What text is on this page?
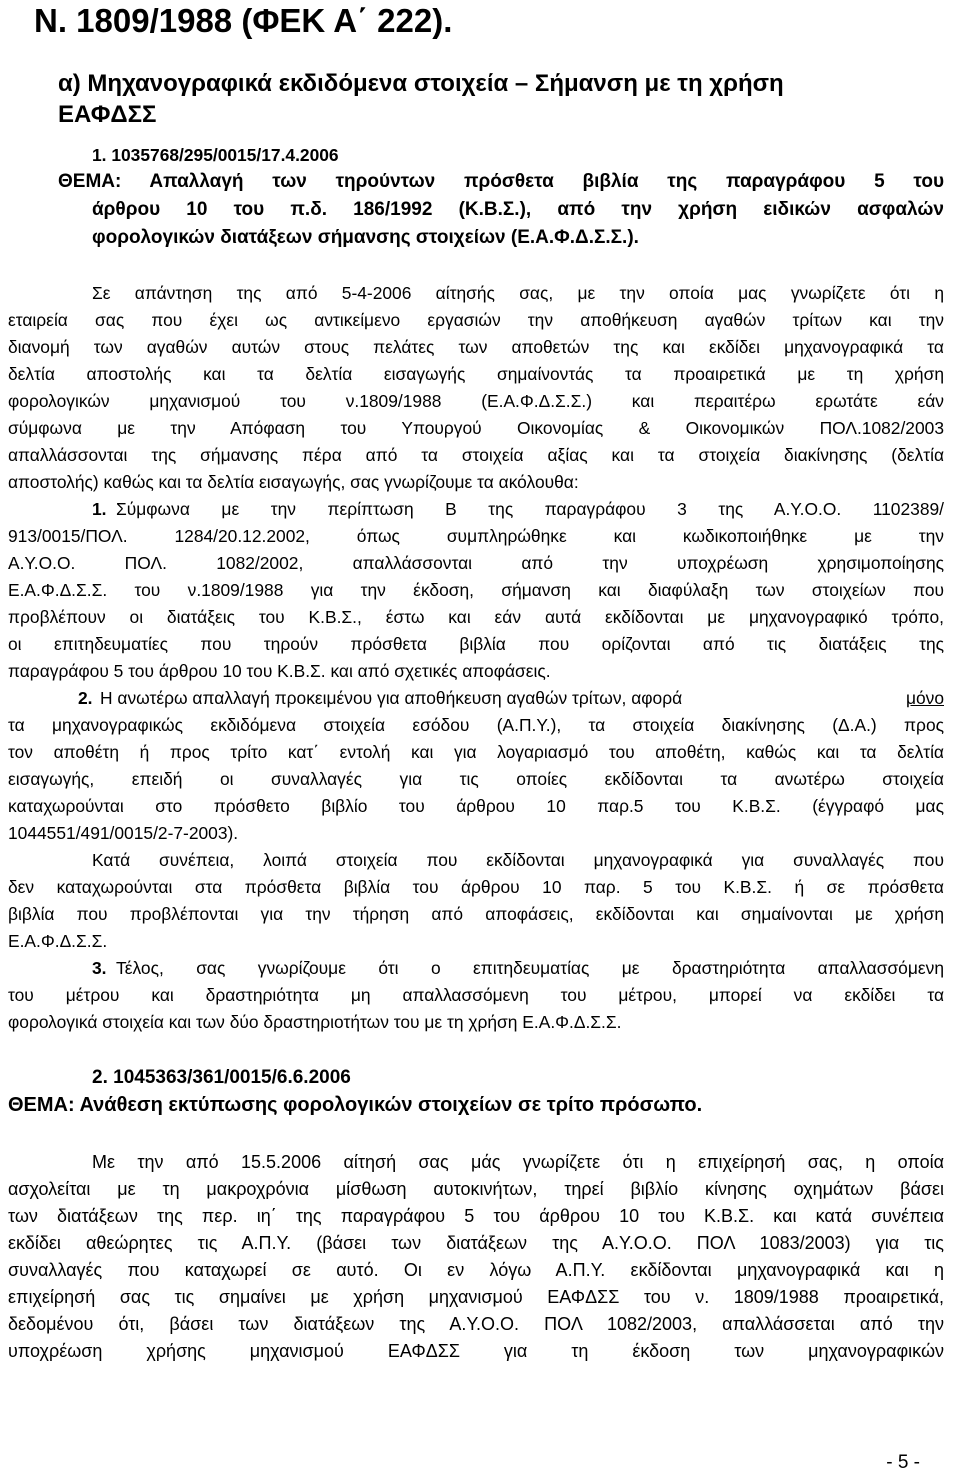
Ν. 1809/1988 (ΦΕΚ Α΄ 222).
α) Μηχανογραφικά εκδιδόμενα στοιχεία – Σήμανση με τη χρήση
ΕΑΦΔΣΣ
1. 1035768/295/0015/17.4.2006
ΘΕΜΑ: Απαλλαγή των τηρούντων πρόσθετα βιβλία της παραγράφου 5 του
άρθρου 10 του π.δ. 186/1992 (Κ.Β.Σ.), από την χρήση ειδικών ασφαλών
φορολογικών διατάξεων σήμανσης στοιχείων (Ε.Α.Φ.Δ.Σ.Σ.).
Σε απάντηση της από 5-4-2006 αίτησής σας, με την οποία μας γνωρίζετε ότι η
εταιρεία σας που έχει ως αντικείμενο εργασιών την αποθήκευση αγαθών τρίτων και την
διανομή των αγαθών αυτών στους πελάτες των αποθετών της και εκδίδει μηχανογραφικά τα
δελτία αποστολής και τα δελτία εισαγωγής σημαίνοντάς τα προαιρετικά με τη χρήση
φορολογικών μηχανισμού του ν.1809/1988 (Ε.Α.Φ.Δ.Σ.Σ.) και περαιτέρω ερωτάτε εάν
σύμφωνα με την Απόφαση του Υπουργού Οικονομίας & Οικονομικών ΠΟΛ.1082/2003
απαλλάσσονται της σήμανσης πέρα από τα στοιχεία αξίας και τα στοιχεία διακίνησης (δελτία
αποστολής) καθώς και τα δελτία εισαγωγής, σας γνωρίζουμε τα ακόλουθα:
1. Σύμφωνα με την περίπτωση Β της παραγράφου 3 της Α.Υ.Ο.Ο. 1102389/
913/0015/ΠΟΛ. 1284/20.12.2002, όπως συμπληρώθηκε και κωδικοποιήθηκε με την
Α.Υ.Ο.Ο. ΠΟΛ. 1082/2002, απαλλάσσονται από την υποχρέωση χρησιμοποίησης
Ε.Α.Φ.Δ.Σ.Σ. του ν.1809/1988 για την έκδοση, σήμανση και διαφύλαξη των στοιχείων που
προβλέπουν οι διατάξεις του Κ.Β.Σ., έστω και εάν αυτά εκδίδονται με μηχανογραφικό τρόπο,
οι επιτηδευματίες που τηρούν πρόσθετα βιβλία που ορίζονται από τις διατάξεις της
παραγράφου 5 του άρθρου 10 του Κ.Β.Σ. και από σχετικές αποφάσεις.
2. Η ανωτέρω απαλλαγή προκειμένου για αποθήκευση αγαθών τρίτων, αφορά	μόνο
τα μηχανογραφικώς εκδιδόμενα στοιχεία εσόδου (Α.Π.Υ.), τα στοιχεία διακίνησης (Δ.Α.) προς
τον αποθέτη ή προς τρίτο κατ΄ εντολή και για λογαριασμό του αποθέτη, καθώς και τα δελτία
εισαγωγής, επειδή οι συναλλαγές για τις οποίες εκδίδονται τα ανωτέρω στοιχεία
καταχωρούνται στο πρόσθετο βιβλίο του άρθρου 10 παρ.5 του Κ.Β.Σ. (έγγραφό μας
1044551/491/0015/2-7-2003).
Κατά συνέπεια, λοιπά στοιχεία που εκδίδονται μηχανογραφικά για συναλλαγές που
δεν καταχωρούνται στα πρόσθετα βιβλία του άρθρου 10 παρ. 5 του Κ.Β.Σ. ή σε πρόσθετα
βιβλία που προβλέπονται για την τήρηση από αποφάσεις, εκδίδονται και σημαίνονται με χρήση
Ε.Α.Φ.Δ.Σ.Σ.
3. Τέλος, σας γνωρίζουμε ότι ο επιτηδευματίας με δραστηριότητα απαλλασσόμενη
του μέτρου και δραστηριότητα μη απαλλασσόμενη του μέτρου, μπορεί να εκδίδει τα
φορολογικά στοιχεία και των δύο δραστηριοτήτων του με τη χρήση Ε.Α.Φ.Δ.Σ.Σ.
2. 1045363/361/0015/6.6.2006
ΘΕΜΑ: Ανάθεση εκτύπωσης φορολογικών στοιχείων σε τρίτο πρόσωπο.
Με την από 15.5.2006 αίτησή σας μάς γνωρίζετε ότι η επιχείρησή σας, η οποία
ασχολείται με τη μακροχρόνια μίσθωση αυτοκινήτων, τηρεί βιβλίο κίνησης οχημάτων βάσει
των διατάξεων της περ. ιη΄ της παραγράφου 5 του άρθρου 10 του Κ.Β.Σ. και κατά συνέπεια
εκδίδει αθεώρητες τις Α.Π.Υ. (βάσει των διατάξεων της Α.Υ.Ο.Ο. ΠΟΛ 1083/2003) για τις
συναλλαγές που καταχωρεί σε αυτό. Οι εν λόγω Α.Π.Υ. εκδίδονται μηχανογραφικά και η
επιχείρησή σας τις σημαίνει με χρήση μηχανισμού ΕΑΦΔΣΣ του ν. 1809/1988 προαιρετικά,
δεδομένου ότι, βάσει των διατάξεων της Α.Υ.Ο.Ο. ΠΟΛ 1082/2003, απαλλάσσεται από την
υποχρέωση χρήσης μηχανισμού ΕΑΦΔΣΣ για τη έκδοση των μηχανογραφικών
- 5 -
